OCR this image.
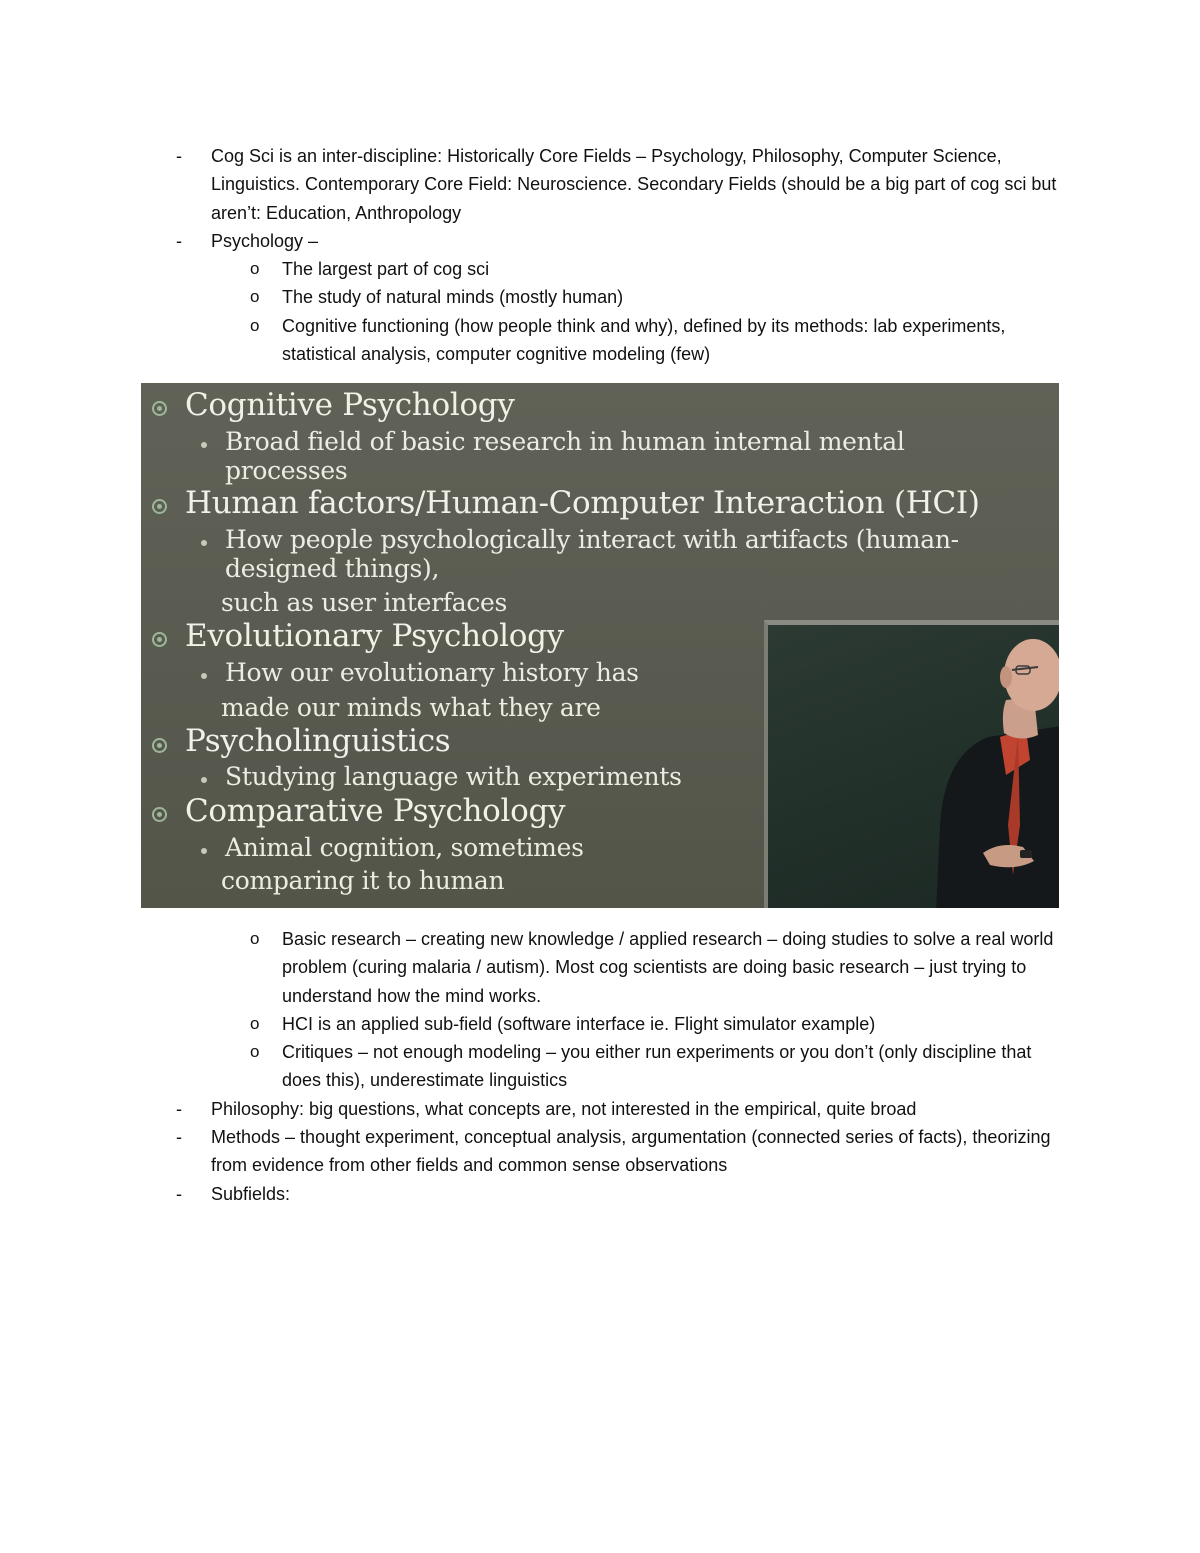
- Cog Sci is an inter-discipline: Historically Core Fields – Psychology, Philosophy, Computer Science, Linguistics. Contemporary Core Field: Neuroscience. Secondary Fields (should be a big part of cog sci but aren’t: Education, Anthropology
- Psychology –
o The largest part of cog sci
o The study of natural minds (mostly human)
o Cognitive functioning (how people think and why), defined by its methods: lab experiments, statistical analysis, computer cognitive modeling (few)
Cognitive Psychology
Broad field of basic research in human internal mental
processes
Human factors/Human-Computer Interaction (HCI)
How people psychologically interact with artifacts (human-
designed things),
such as user interfaces
Evolutionary Psychology
How our evolutionary history has
made our minds what they are
Psycholinguistics
Studying language with experiments
Comparative Psychology
Animal cognition, sometimes
comparing it to human
o Basic research – creating new knowledge / applied research – doing studies to solve a real world problem (curing malaria / autism). Most cog scientists are doing basic research – just trying to understand how the mind works.
o HCI is an applied sub-field (software interface ie. Flight simulator example)
o Critiques – not enough modeling – you either run experiments or you don’t (only discipline that does this), underestimate linguistics
- Philosophy: big questions, what concepts are, not interested in the empirical, quite broad
- Methods – thought experiment, conceptual analysis, argumentation (connected series of facts), theorizing from evidence from other fields and common sense observations
- Subfields:
